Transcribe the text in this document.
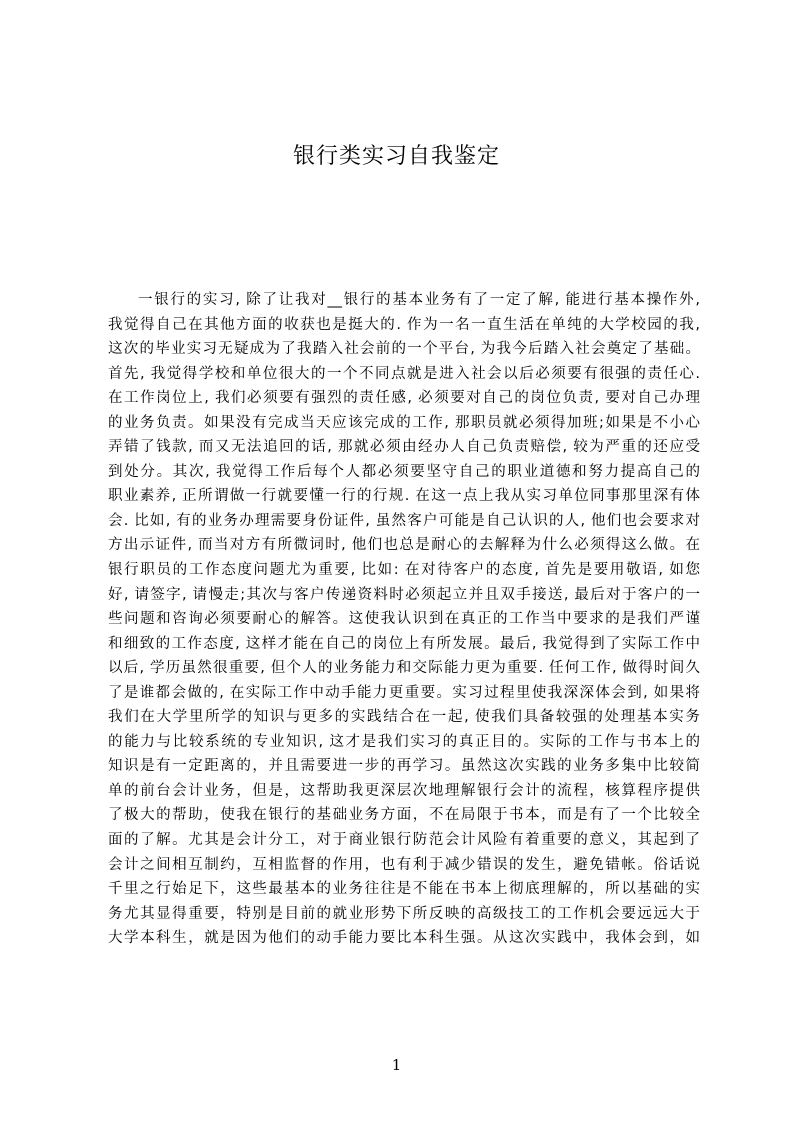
银行类实习自我鉴定
一银行的实习, 除了让我对__银行的基本业务有了一定了解, 能进行基本操作外,
我觉得自己在其他方面的收获也是挺大的. 作为一名一直生活在单纯的大学校园的我,
这次的毕业实习无疑成为了我踏入社会前的一个平台, 为我今后踏入社会奠定了基础。
首先, 我觉得学校和单位很大的一个不同点就是进入社会以后必须要有很强的责任心.
在工作岗位上, 我们必须要有强烈的责任感, 必须要对自己的岗位负责, 要对自己办理
的业务负责。如果没有完成当天应该完成的工作, 那职员就必须得加班;如果是不小心
弄错了钱款, 而又无法追回的话, 那就必须由经办人自己负责赔偿, 较为严重的还应受
到处分。其次, 我觉得工作后每个人都必须要坚守自己的职业道德和努力提高自己的
职业素养, 正所谓做一行就要懂一行的行规. 在这一点上我从实习单位同事那里深有体
会. 比如, 有的业务办理需要身份证件, 虽然客户可能是自己认识的人, 他们也会要求对
方出示证件, 而当对方有所微词时, 他们也总是耐心的去解释为什么必须得这么做。在
银行职员的工作态度问题尤为重要, 比如: 在对待客户的态度, 首先是要用敬语, 如您
好, 请签字, 请慢走;其次与客户传递资料时必须起立并且双手接送, 最后对于客户的一
些问题和咨询必须要耐心的解答。这使我认识到在真正的工作当中要求的是我们严谨
和细致的工作态度, 这样才能在自己的岗位上有所发展。最后, 我觉得到了实际工作中
以后, 学历虽然很重要, 但个人的业务能力和交际能力更为重要. 任何工作, 做得时间久
了是谁都会做的, 在实际工作中动手能力更重要。实习过程里使我深深体会到, 如果将
我们在大学里所学的知识与更多的实践结合在一起, 使我们具备较强的处理基本实务
的能力与比较系统的专业知识, 这才是我们实习的真正目的。实际的工作与书本上的
知识是有一定距离的，并且需要进一步的再学习。虽然这次实践的业务多集中比较简
单的前台会计业务，但是，这帮助我更深层次地理解银行会计的流程，核算程序提供
了极大的帮助，使我在银行的基础业务方面，不在局限于书本，而是有了一个比较全
面的了解。尤其是会计分工，对于商业银行防范会计风险有着重要的意义，其起到了
会计之间相互制约，互相监督的作用，也有利于减少错误的发生，避免错帐。俗话说
千里之行始足下，这些最基本的业务往往是不能在书本上彻底理解的，所以基础的实
务尤其显得重要，特别是目前的就业形势下所反映的高级技工的工作机会要远远大于
大学本科生，就是因为他们的动手能力要比本科生强。从这次实践中，我体会到，如
1
